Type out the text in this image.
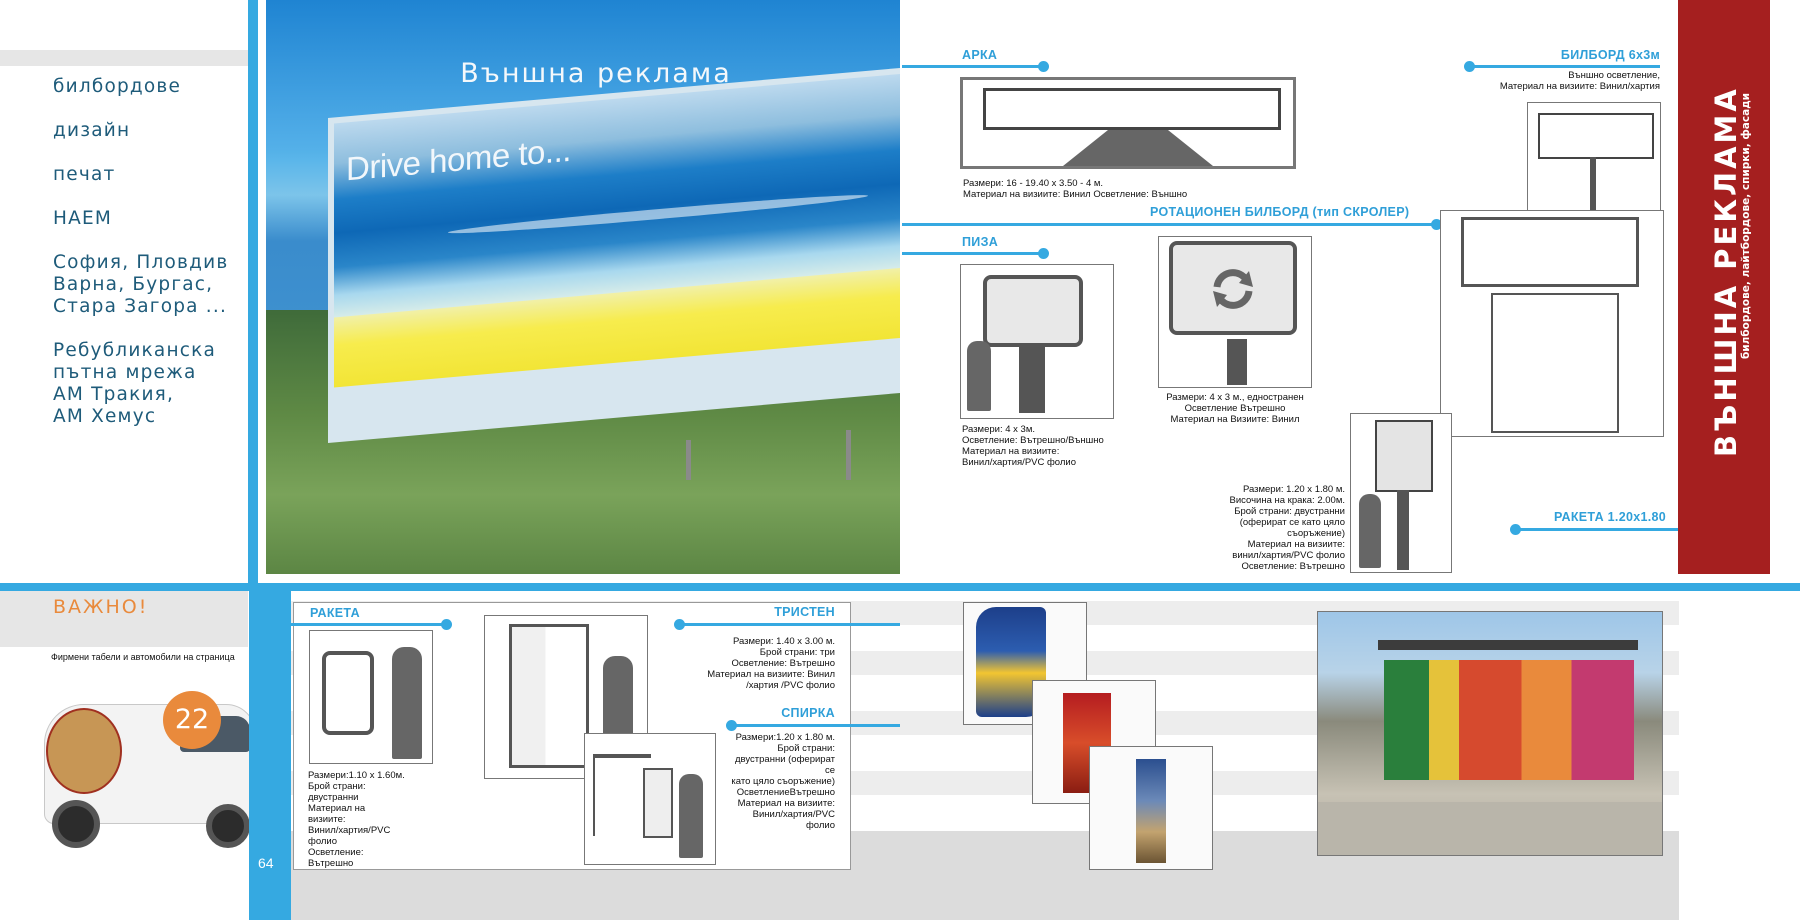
билбордове
дизайн
печат
НАЕМ
София, Пловдив
Варна, Бургас,
Стара Загора ...
Ребубликанска
пътна мрежа
АМ Тракия,
АМ Хемус
Външна реклама
Drive home to...
АРКА
Размери: 16 - 19.40 x 3.50 - 4 м.
Материал на визиите: Винил Осветление: Външно
БИЛБОРД 6х3м
Външно осветление,
Материал на визиите: Винил/хартия
РОТАЦИОНЕН БИЛБОРД (тип СКРОЛЕР)
Размери: 4 х 3 м., едностранен
Осветление Вътрешно
Материал на Визиите: Винил
ПИЗА
Размери: 4 х 3м.
Осветление: Вътрешно/Външно
Материал на визиите:
Винил/хартия/PVC фолио
Размери: 1.20 х 1.80 м.
Височина на крака: 2.00м.
Брой страни: двустранни
(оферират се като цяло
съоръжение)
Материал на визиите:
винил/хартия/PVC фолио
Осветление: Вътрешно
РАКЕТА 1.20х1.80
ВЪНШНА РЕКЛАМА
билбордове, лайтбордове, спирки, фасади
ВАЖНО!
Фирмени табели и автомобили на страница
22
РАКЕТА
Размери:1.10 х 1.60м.
Брой страни:
двустранни
Материал на
визиите:
Винил/хартия/PVC
фолио
Осветление:
Вътрешно
ТРИСТЕН
Размери: 1.40 х 3.00 м.
Брой страни: три
Осветление: Вътрешно
Материал на визиите: Винил
/хартия /PVC фолио
СПИРКА
Размери:1.20 х 1.80 м.
Брой страни:
двустранни (оферират
се
като цяло съоръжение)
ОсветлениеВътрешно
Материал на визиите:
Винил/хартия/PVC
фолио
64	65
